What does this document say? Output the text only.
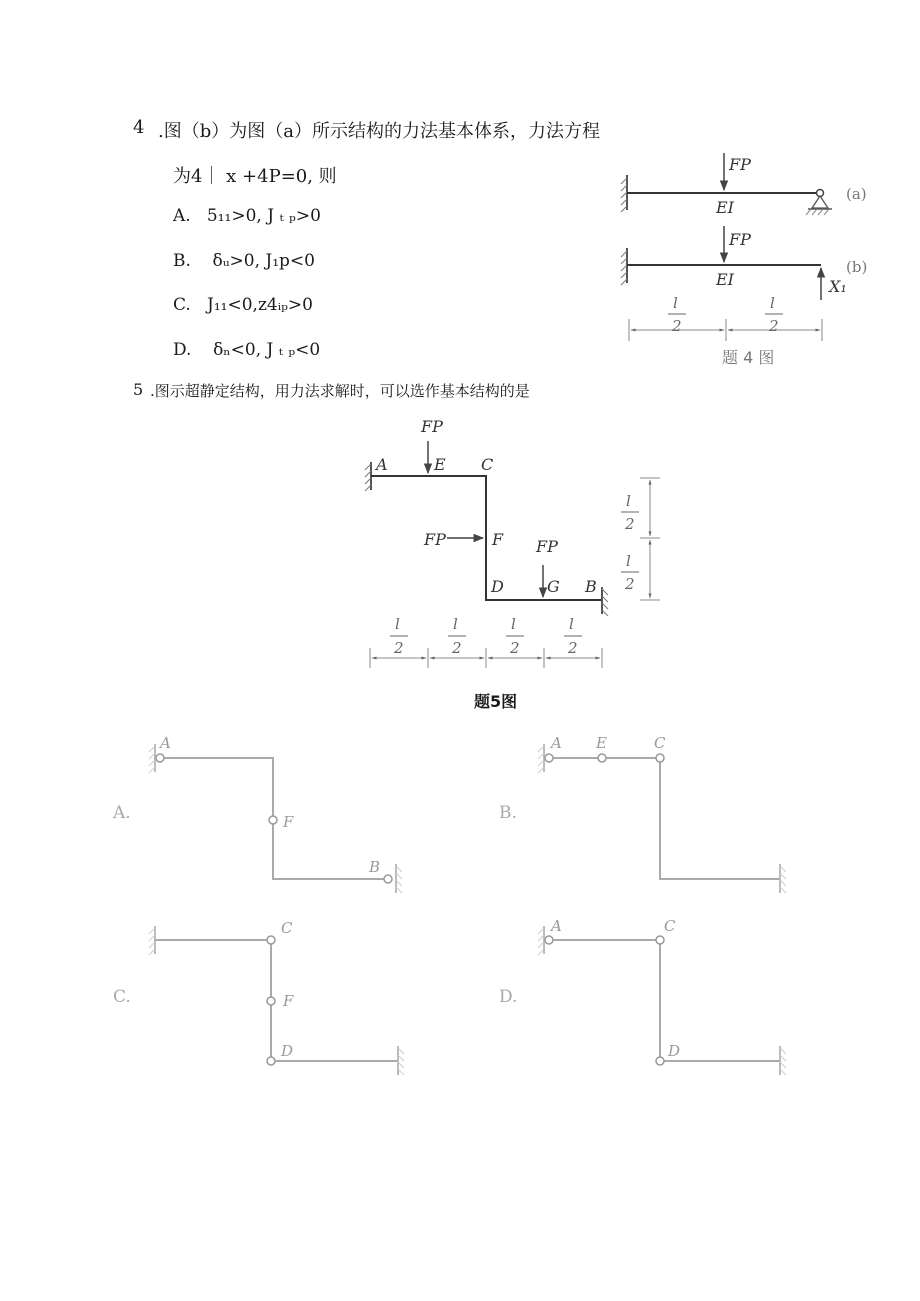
4 .图（b）为图（a）所示结构的力法基本体系，力法方程
为4｜ x +4P=0, 则
A. 5₁₁>0, J ₜ ₚ>0
B. δᵤ>0, J₁p<0
C. J₁₁<0,z4ᵢₚ>0
D. δₙ<0, J ₜ ₚ<0
FP
EI
(a)
FP
EI	X₁
(b)
l
2
l
2
题 4 图
5 .图示超静定结构，用力法求解时，可以选作基本结构的是
FP
FP	FP
A	E C
F
D	G B
l
2
l
2
l
2
l
2
l
2
l
2
题5图
A
F
B
A E	C
C
F
D
A	C
D
A.	B.
C.	D.
